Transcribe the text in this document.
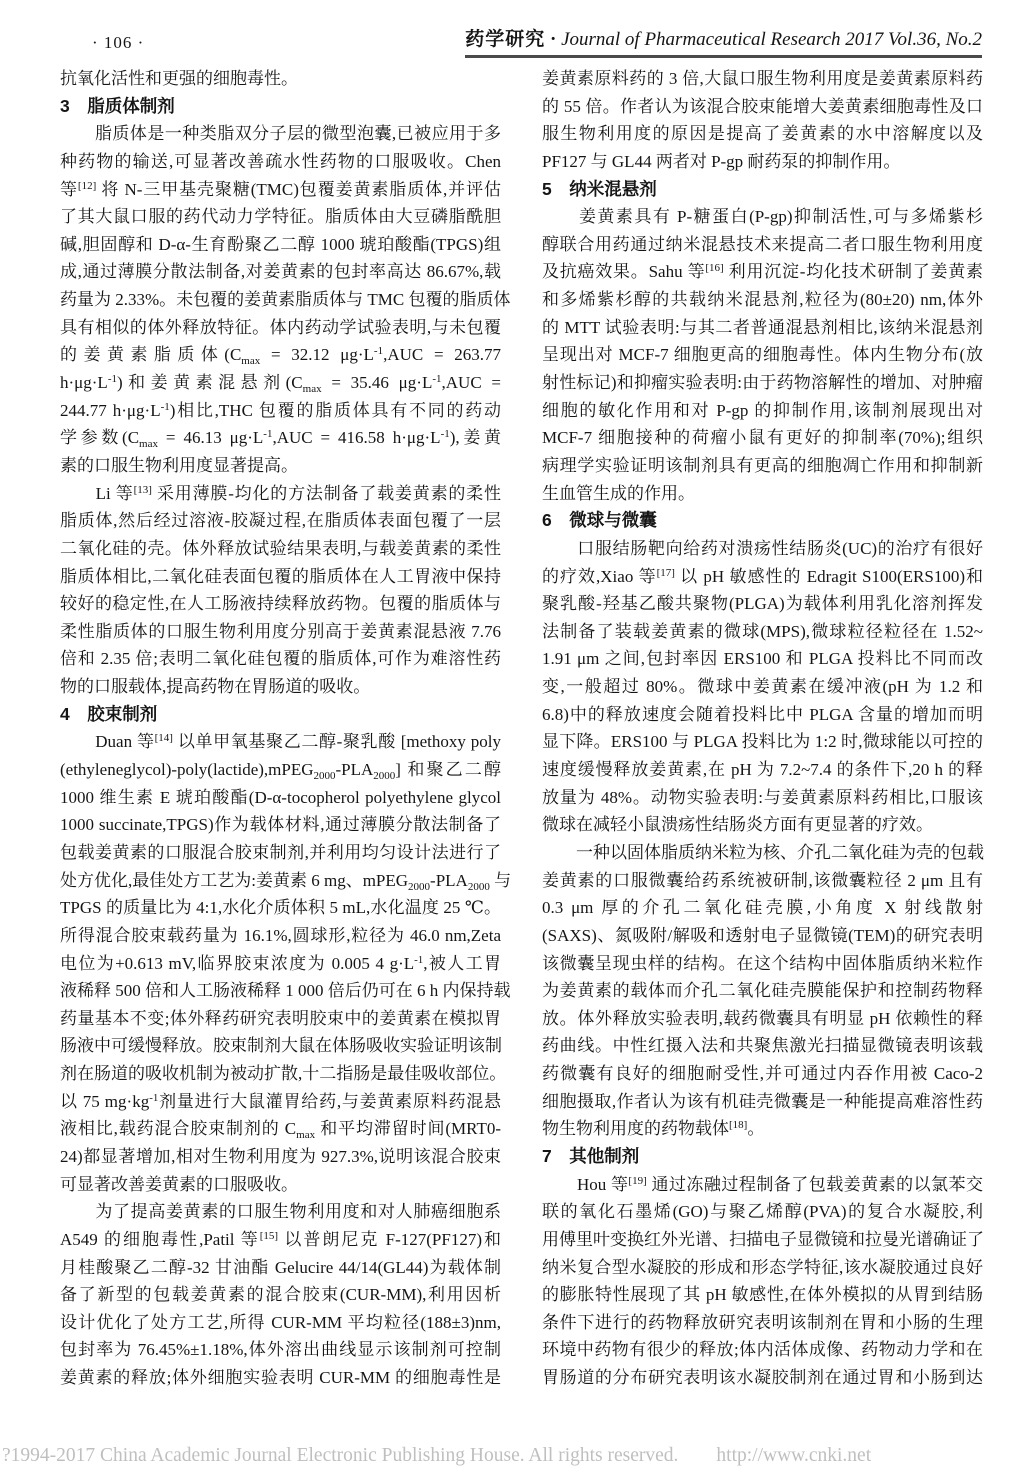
· 106 ·	药学研究 · Journal of Pharmaceutical Research 2017 Vol.36, No.2
抗氧化活性和更强的细胞毒性。
3　脂质体制剂
　　脂质体是一种类脂双分子层的微型泡囊,已被应用于多
种药物的输送,可显著改善疏水性药物的口服吸收。Chen
等[12] 将 N-三甲基壳聚糖(TMC)包覆姜黄素脂质体,并评估
了其大鼠口服的药代动力学特征。脂质体由大豆磷脂酰胆
碱,胆固醇和 D-α-生育酚聚乙二醇 1000 琥珀酸酯(TPGS)组
成,通过薄膜分散法制备,对姜黄素的包封率高达 86.67%,载
药量为 2.33%。未包覆的姜黄素脂质体与 TMC 包覆的脂质体
具有相似的体外释放特征。体内药动学试验表明,与未包覆
的姜黄素脂质体($C_{max} = 32.12$ $\mu g\cdot L^{-1},AUC = 263.77$
$h\cdot\mu g\cdot L^{-1}$)和姜黄素混悬剂($C_{max} = 35.46$ $\mu g\cdot L^{-1},AUC$ =
244.77 $h\cdot\mu g\cdot L^{-1}$)相比,THC 包覆的脂质体具有不同的药动
学参数($C_{max} = 46.13$ $\mu g\cdot L^{-1},AUC = 416.58$ $h\cdot\mu g\cdot L^{-1}$),姜黄
素的口服生物利用度显著提高。
　　Li 等[13] 采用薄膜-均化的方法制备了载姜黄素的柔性
脂质体,然后经过溶液-胶凝过程,在脂质体表面包覆了一层
二氧化硅的壳。体外释放试验结果表明,与载姜黄素的柔性
脂质体相比,二氧化硅表面包覆的脂质体在人工胃液中保持
较好的稳定性,在人工肠液持续释放药物。包覆的脂质体与
柔性脂质体的口服生物利用度分别高于姜黄素混悬液 7.76
倍和 2.35 倍;表明二氧化硅包覆的脂质体,可作为难溶性药
物的口服载体,提高药物在胃肠道的吸收。
4　胶束制剂
　　Duan 等[14] 以单甲氧基聚乙二醇-聚乳酸 [methoxy poly
$(ethyleneglycol)-poly(lactide),mPEG_{2000}-PLA_{2000}$] 和聚乙二醇
1000 维生素 E 琥珀酸酯(D-α-tocopherol polyethylene glycol
1000 succinate,TPGS)作为载体材料,通过薄膜分散法制备了
包载姜黄素的口服混合胶束制剂,并利用均匀设计法进行了
处方优化,最佳处方工艺为:姜黄素 6 mg、$mPEG_{2000}-PLA_{2000}$ 与
TPGS 的质量比为 4:1,水化介质体积 5 mL,水化温度 25 ℃。
所得混合胶束载药量为 16.1%,圆球形,粒径为 46.0 nm,Zeta
电位为+0.613 mV,临界胶束浓度为 0.005 4 $g\cdot L^{-1}$,被人工胃
液稀释 500 倍和人工肠液稀释 1 000 倍后仍可在 6 h 内保持载
药量基本不变;体外释药研究表明胶束中的姜黄素在模拟胃
肠液中可缓慢释放。胶束制剂大鼠在体肠吸收实验证明该制
剂在肠道的吸收机制为被动扩散,十二指肠是最佳吸收部位。
以 75 $mg\cdot kg^{-1}$剂量进行大鼠灌胃给药,与姜黄素原料药混悬
液相比,载药混合胶束制剂的 $C_{max}$ 和平均滞留时间(MRT0-
24)都显著增加,相对生物利用度为 927.3%,说明该混合胶束
可显著改善姜黄素的口服吸收。
　　为了提高姜黄素的口服生物利用度和对人肺癌细胞系
A549 的细胞毒性,Patil 等[15] 以普朗尼克 F-127(PF127)和
月桂酸聚乙二醇-32 甘油酯 Gelucire 44/14(GL44)为载体制
备了新型的包载姜黄素的混合胶束(CUR-MM),利用因析
设计优化了处方工艺,所得 CUR-MM 平均粒径(188±3)nm,
包封率为 76.45%±1.18%,体外溶出曲线显示该制剂可控制
姜黄素的释放;体外细胞实验表明 CUR-MM 的细胞毒性是
姜黄素原料药的 3 倍,大鼠口服生物利用度是姜黄素原料药
的 55 倍。作者认为该混合胶束能增大姜黄素细胞毒性及口
服生物利用度的原因是提高了姜黄素的水中溶解度以及
PF127 与 GL44 两者对 P-gp 耐药泵的抑制作用。
5　纳米混悬剂
　　姜黄素具有 P-糖蛋白(P-gp)抑制活性,可与多烯紫杉
醇联合用药通过纳米混悬技术来提高二者口服生物利用度
及抗癌效果。Sahu 等[16] 利用沉淀-均化技术研制了姜黄素
和多烯紫杉醇的共载纳米混悬剂,粒径为(80±20) nm,体外
的 MTT 试验表明:与其二者普通混悬剂相比,该纳米混悬剂
呈现出对 MCF-7 细胞更高的细胞毒性。体内生物分布(放
射性标记)和抑瘤实验表明:由于药物溶解性的增加、对肿瘤
细胞的敏化作用和对 P-gp 的抑制作用,该制剂展现出对
MCF-7 细胞接种的荷瘤小鼠有更好的抑制率(70%);组织
病理学实验证明该制剂具有更高的细胞凋亡作用和抑制新
生血管生成的作用。
6　微球与微囊
　　口服结肠靶向给药对溃疡性结肠炎(UC)的治疗有很好
的疗效,Xiao 等[17] 以 pH 敏感性的 Edragit S100(ERS100)和
聚乳酸-羟基乙酸共聚物(PLGA)为载体利用乳化溶剂挥发
法制备了装载姜黄素的微球(MPS),微球粒径粒径在 1.52~
1.91 μm 之间,包封率因 ERS100 和 PLGA 投料比不同而改
变,一般超过 80%。微球中姜黄素在缓冲液(pH 为 1.2 和
6.8)中的释放速度会随着投料比中 PLGA 含量的增加而明
显下降。ERS100 与 PLGA 投料比为 1:2 时,微球能以可控的
速度缓慢释放姜黄素,在 pH 为 7.2~7.4 的条件下,20 h 的释
放量为 48%。动物实验表明:与姜黄素原料药相比,口服该
微球在减轻小鼠溃疡性结肠炎方面有更显著的疗效。
　　一种以固体脂质纳米粒为核、介孔二氧化硅为壳的包载
姜黄素的口服微囊给药系统被研制,该微囊粒径 2 μm 且有
0.3 μm 厚的介孔二氧化硅壳膜,小角度 X 射线散射
(SAXS)、氮吸附/解吸和透射电子显微镜(TEM)的研究表明
该微囊呈现虫样的结构。在这个结构中固体脂质纳米粒作
为姜黄素的载体而介孔二氧化硅壳膜能保护和控制药物释
放。体外释放实验表明,载药微囊具有明显 pH 依赖性的释
药曲线。中性红摄入法和共聚焦激光扫描显微镜表明该载
药微囊有良好的细胞耐受性,并可通过内吞作用被 Caco-2
细胞摄取,作者认为该有机硅壳微囊是一种能提高难溶性药
物生物利用度的药物载体[18]。
7　其他制剂
　　Hou 等[19] 通过冻融过程制备了包载姜黄素的以氯苯交
联的氧化石墨烯(GO)与聚乙烯醇(PVA)的复合水凝胶,利
用傅里叶变换红外光谱、扫描电子显微镜和拉曼光谱确证了
纳米复合型水凝胶的形成和形态学特征,该水凝胶通过良好
的膨胀特性展现了其 pH 敏感性,在体外模拟的从胃到结肠
条件下进行的药物释放研究表明该制剂在胃和小肠的生理
环境中药物有很少的释放;体内活体成像、药物动力学和在
胃肠道的分布研究表明该水凝胶制剂在通过胃和小肠到达
?1994-2017 China Academic Journal Electronic Publishing House. All rights reserved. http://www.cnki.net
